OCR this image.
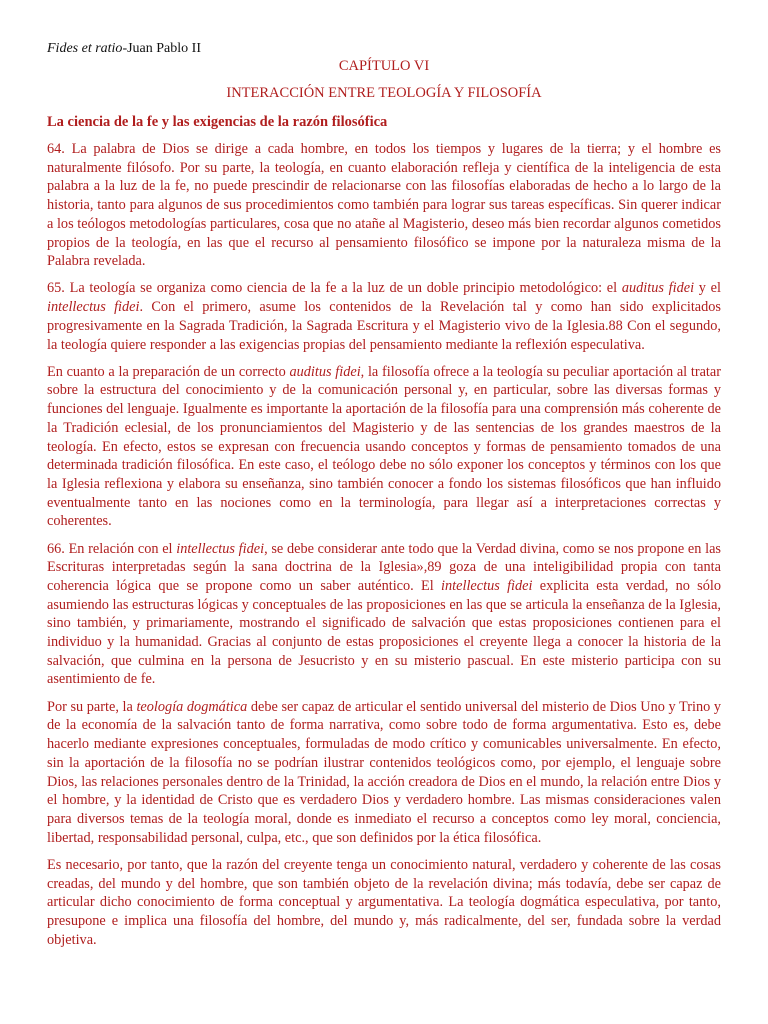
Fides et ratio-Juan Pablo II
CAPÍTULO VI
INTERACCIÓN ENTRE TEOLOGÍA Y FILOSOFÍA
La ciencia de la fe y las exigencias de la razón filosófica

64. La palabra de Dios se dirige a cada hombre, en todos los tiempos y lugares de la tierra; y el hombre es naturalmente filósofo. Por su parte, la teología, en cuanto elaboración refleja y científica de la inteligencia de esta palabra a la luz de la fe, no puede prescindir de relacionarse con las filosofías elaboradas de hecho a lo largo de la historia, tanto para algunos de sus procedimientos como también para lograr sus tareas específicas. Sin querer indicar a los teólogos metodologías particulares, cosa que no atañe al Magisterio, deseo más bien recordar algunos cometidos propios de la teología, en las que el recurso al pensamiento filosófico se impone por la naturaleza misma de la Palabra revelada.

65. La teología se organiza como ciencia de la fe a la luz de un doble principio metodológico: el auditus fidei y el intellectus fidei. Con el primero, asume los contenidos de la Revelación tal y como han sido explicitados progresivamente en la Sagrada Tradición, la Sagrada Escritura y el Magisterio vivo de la Iglesia.88 Con el segundo, la teología quiere responder a las exigencias propias del pensamiento mediante la reflexión especulativa.

En cuanto a la preparación de un correcto auditus fidei, la filosofía ofrece a la teología su peculiar aportación al tratar sobre la estructura del conocimiento y de la comunicación personal y, en particular, sobre las diversas formas y funciones del lenguaje. Igualmente es importante la aportación de la filosofía para una comprensión más coherente de la Tradición eclesial, de los pronunciamientos del Magisterio y de las sentencias de los grandes maestros de la teología. En efecto, estos se expresan con frecuencia usando conceptos y formas de pensamiento tomados de una determinada tradición filosófica. En este caso, el teólogo debe no sólo exponer los conceptos y términos con los que la Iglesia reflexiona y elabora su enseñanza, sino también conocer a fondo los sistemas filosóficos que han influido eventualmente tanto en las nociones como en la terminología, para llegar así a interpretaciones correctas y coherentes.

66. En relación con el intellectus fidei, se debe considerar ante todo que la Verdad divina, como se nos propone en las Escrituras interpretadas según la sana doctrina de la Iglesia»,89 goza de una inteligibilidad propia con tanta coherencia lógica que se propone como un saber auténtico. El intellectus fidei explicita esta verdad, no sólo asumiendo las estructuras lógicas y conceptuales de las proposiciones en las que se articula la enseñanza de la Iglesia, sino también, y primariamente, mostrando el significado de salvación que estas proposiciones contienen para el individuo y la humanidad. Gracias al conjunto de estas proposiciones el creyente llega a conocer la historia de la salvación, que culmina en la persona de Jesucristo y en su misterio pascual. En este misterio participa con su asentimiento de fe.

Por su parte, la teología dogmática debe ser capaz de articular el sentido universal del misterio de Dios Uno y Trino y de la economía de la salvación tanto de forma narrativa, como sobre todo de forma argumentativa. Esto es, debe hacerlo mediante expresiones conceptuales, formuladas de modo crítico y comunicables universalmente. En efecto, sin la aportación de la filosofía no se podrían ilustrar contenidos teológicos como, por ejemplo, el lenguaje sobre Dios, las relaciones personales dentro de la Trinidad, la acción creadora de Dios en el mundo, la relación entre Dios y el hombre, y la identidad de Cristo que es verdadero Dios y verdadero hombre. Las mismas consideraciones valen para diversos temas de la teología moral, donde es inmediato el recurso a conceptos como ley moral, conciencia, libertad, responsabilidad personal, culpa, etc., que son definidos por la ética filosófica.

Es necesario, por tanto, que la razón del creyente tenga un conocimiento natural, verdadero y coherente de las cosas creadas, del mundo y del hombre, que son también objeto de la revelación divina; más todavía, debe ser capaz de articular dicho conocimiento de forma conceptual y argumentativa. La teología dogmática especulativa, por tanto, presupone e implica una filosofía del hombre, del mundo y, más radicalmente, del ser, fundada sobre la verdad objetiva.
